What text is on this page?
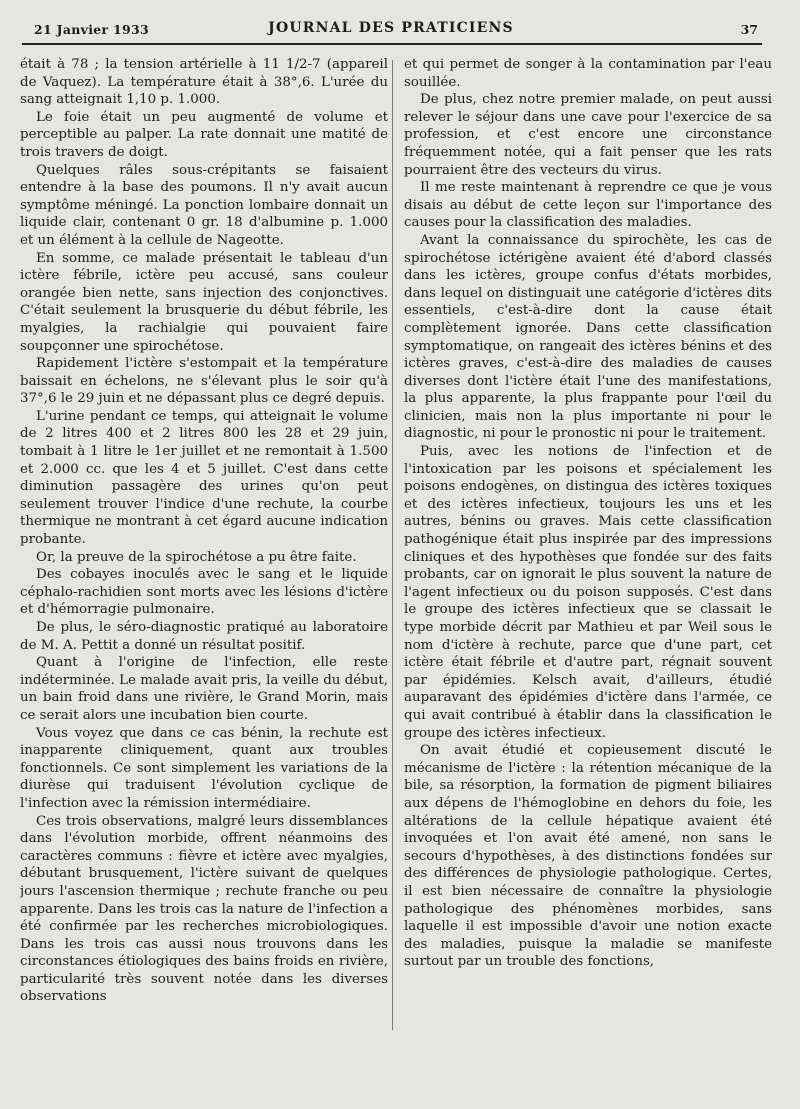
21 Janvier 1933	JOURNAL DES PRATICIENS	37

était à 78 ; la tension artérielle à 11 1/2-7 (appareil de Vaquez). La température était à 38°,6. L'urée du sang atteignait 1,10 p. 1.000.

Le foie était un peu augmenté de volume et perceptible au palper. La rate donnait une matité de trois travers de doigt.

Quelques râles sous-crépitants se faisaient entendre à la base des poumons. Il n'y avait aucun symptôme méningé. La ponction lombaire donnait un liquide clair, contenant 0 gr. 18 d'albumine p. 1.000 et un élément à la cellule de Nageotte.

En somme, ce malade présentait le tableau d'un ictère fébrile, ictère peu accusé, sans couleur orangée bien nette, sans injection des conjonctives. C'était seulement la brusquerie du début fébrile, les myalgies, la rachialgie qui pouvaient faire soupçonner une spirochétose.

Rapidement l'ictère s'estompait et la température baissait en échelons, ne s'élevant plus le soir qu'à 37°,6 le 29 juin et ne dépassant plus ce degré depuis.

L'urine pendant ce temps, qui atteignait le volume de 2 litres 400 et 2 litres 800 les 28 et 29 juin, tombait à 1 litre le 1er juillet et ne remontait à 1.500 et 2.000 cc. que les 4 et 5 juillet. C'est dans cette diminution passagère des urines qu'on peut seulement trouver l'indice d'une rechute, la courbe thermique ne montrant à cet égard aucune indication probante.

Or, la preuve de la spirochétose a pu être faite.

Des cobayes inoculés avec le sang et le liquide céphalo-rachidien sont morts avec les lésions d'ictère et d'hémorragie pulmonaire.

De plus, le séro-diagnostic pratiqué au laboratoire de M. A. Pettit a donné un résultat positif.

Quant à l'origine de l'infection, elle reste indéterminée. Le malade avait pris, la veille du début, un bain froid dans une rivière, le Grand Morin, mais ce serait alors une incubation bien courte.

Vous voyez que dans ce cas bénin, la rechute est inapparente cliniquement, quant aux troubles fonctionnels. Ce sont simplement les variations de la diurèse qui traduisent l'évolution cyclique de l'infection avec la rémission intermédiaire.

Ces trois observations, malgré leurs dissemblances dans l'évolution morbide, offrent néanmoins des caractères communs : fièvre et ictère avec myalgies, débutant brusquement, l'ictère suivant de quelques jours l'ascension thermique ; rechute franche ou peu apparente. Dans les trois cas la nature de l'infection a été confirmée par les recherches microbiologiques. Dans les trois cas aussi nous trouvons dans les circonstances étiologiques des bains froids en rivière, particularité très souvent notée dans les diverses observations

et qui permet de songer à la contamination par l'eau souillée.

De plus, chez notre premier malade, on peut aussi relever le séjour dans une cave pour l'exercice de sa profession, et c'est encore une circonstance fréquemment notée, qui a fait penser que les rats pourraient être des vecteurs du virus.

Il me reste maintenant à reprendre ce que je vous disais au début de cette leçon sur l'importance des causes pour la classification des maladies.

Avant la connaissance du spirochète, les cas de spirochétose ictérigène avaient été d'abord classés dans les ictères, groupe confus d'états morbides, dans lequel on distinguait une catégorie d'ictères dits essentiels, c'est-à-dire dont la cause était complètement ignorée. Dans cette classification symptomatique, on rangeait des ictères bénins et des ictères graves, c'est-à-dire des maladies de causes diverses dont l'ictère était l'une des manifestations, la plus apparente, la plus frappante pour l'œil du clinicien, mais non la plus importante ni pour le diagnostic, ni pour le pronostic ni pour le traitement.

Puis, avec les notions de l'infection et de l'intoxication par les poisons et spécialement les poisons endogènes, on distingua des ictères toxiques et des ictères infectieux, toujours les uns et les autres, bénins ou graves. Mais cette classification pathogénique était plus inspirée par des impressions cliniques et des hypothèses que fondée sur des faits probants, car on ignorait le plus souvent la nature de l'agent infectieux ou du poison supposés. C'est dans le groupe des ictères infectieux que se classait le type morbide décrit par Mathieu et par Weil sous le nom d'ictère à rechute, parce que d'une part, cet ictère était fébrile et d'autre part, régnait souvent par épidémies. Kelsch avait, d'ailleurs, étudié auparavant des épidémies d'ictère dans l'armée, ce qui avait contribué à établir dans la classification le groupe des ictères infectieux.

On avait étudié et copieusement discuté le mécanisme de l'ictère : la rétention mécanique de la bile, sa résorption, la formation de pigment biliaires aux dépens de l'hémoglobine en dehors du foie, les altérations de la cellule hépatique avaient été invoquées et l'on avait été amené, non sans le secours d'hypothèses, à des distinctions fondées sur des différences de physiologie pathologique. Certes, il est bien nécessaire de connaître la physiologie pathologique des phénomènes morbides, sans laquelle il est impossible d'avoir une notion exacte des maladies, puisque la maladie se manifeste surtout par un trouble des fonctions,
